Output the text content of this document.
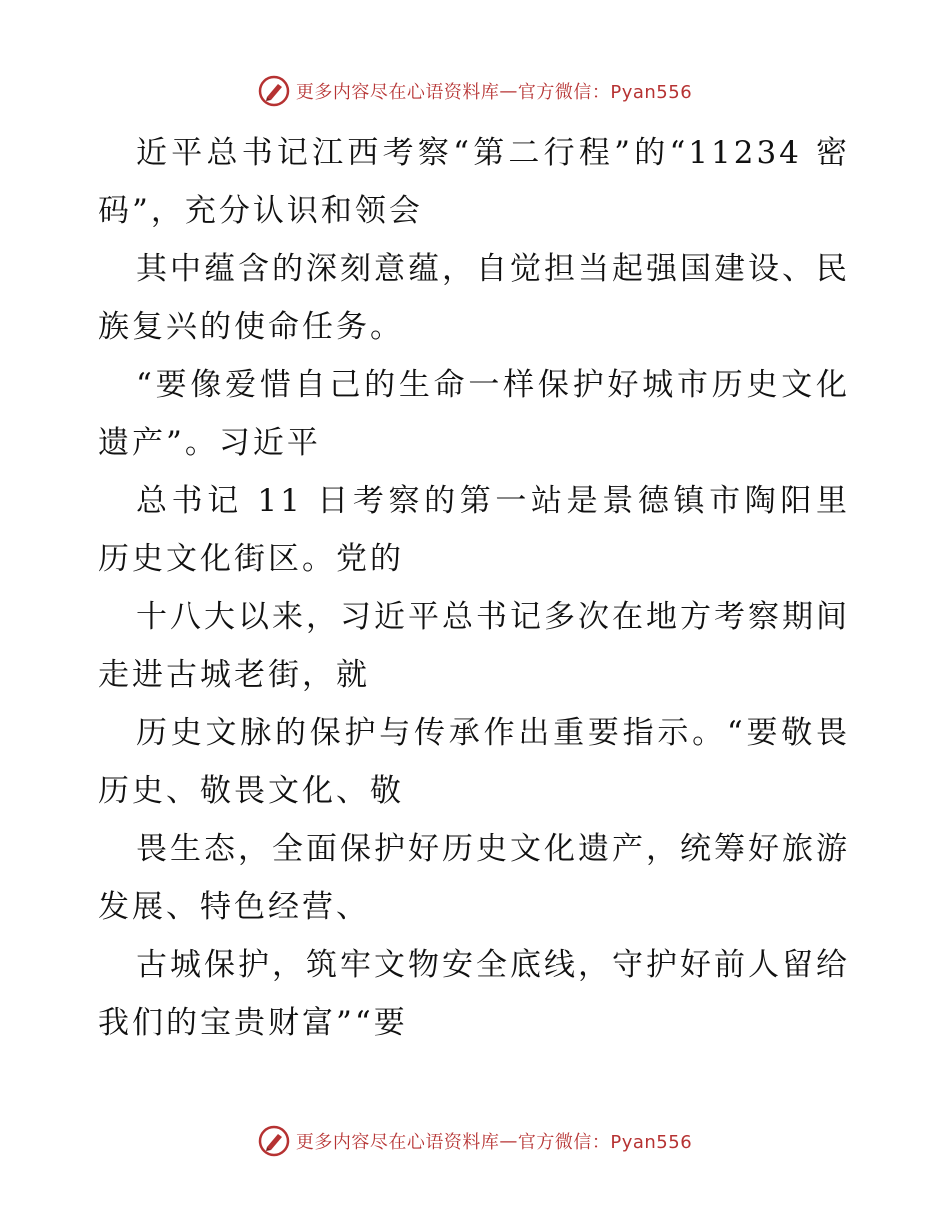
更多内容尽在心语资料库 — 官方微信：Pyan556

近平总书记江西考察“第二行程”的“11234 密码”，充分认识和领会

其中蕴含的深刻意蕴，自觉担当起强国建设、民族复兴的使命任务。

“要像爱惜自己的生命一样保护好城市历史文化遗产”。习近平

总书记 11 日考察的第一站是景德镇市陶阳里历史文化街区。党的

十八大以来，习近平总书记多次在地方考察期间走进古城老街，就

历史文脉的保护与传承作出重要指示。“要敬畏历史、敬畏文化、敬

畏生态，全面保护好历史文化遗产，统筹好旅游发展、特色经营、

古城保护，筑牢文物安全底线，守护好前人留给我们的宝贵财富”“要

更多内容尽在心语资料库 — 官方微信：Pyan556
